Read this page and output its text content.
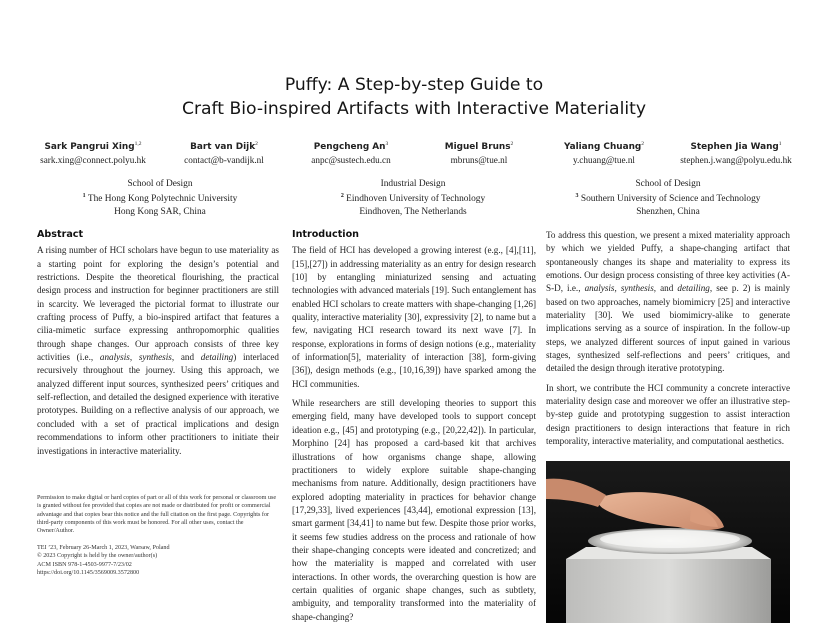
Puffy: A Step-by-step Guide to
Craft Bio-inspired Artifacts with Interactive Materiality
Sark Pangrui Xing$^{1,2}$
sark.xing@connect.polyu.hk
Bart van Dijk$^2$
contact@b-vandijk.nl
Pengcheng An$^3$
anpc@sustech.edu.cn
Miguel Bruns$^2$
mbruns@tue.nl
Yaliang Chuang$^2$
y.chuang@tue.nl
Stephen Jia Wang$^1$
stephen.j.wang@polyu.edu.hk
School of Design
$^1$ The Hong Kong Polytechnic University
Hong Kong SAR, China
Industrial Design
$^2$ Eindhoven University of Technology
Eindhoven, The Netherlands
School of Design
$^3$ Southern University of Science and Technology
Shenzhen, China
Abstract

A rising number of HCI scholars have begun to use materiality as a starting point for exploring the design’s potential and restrictions. Despite the theoretical flourishing, the practical design process and instruction for beginner practitioners are still in scarcity. We leveraged the pictorial format to illustrate our crafting process of Puffy, a bio-inspired artifact that features a cilia-mimetic surface expressing anthropomorphic qualities through shape changes. Our approach consists of three key activities (i.e., analysis, synthesis, and detailing) interlaced recursively throughout the journey. Using this approach, we analyzed different input sources, synthesized peers’ critiques and self-reflection, and detailed the designed experience with iterative prototypes. Building on a reflective analysis of our approach, we concluded with a set of practical implications and design recommendations to inform other practitioners to initiate their investigations in interactive materiality.

Permission to make digital or hard copies of part or all of this work for personal or classroom use is granted without fee provided that copies are not made or distributed for profit or commercial advantage and that copies bear this notice and the full citation on the first page. Copyrights for third-party components of this work must be honored. For all other uses, contact the Owner/Author.
TEI ’23, February 26-March 1, 2023, Warsaw, Poland
© 2023 Copyright is held by the owner/author(s)
ACM ISBN 978-1-4503-9977-7/23/02
https://doi.org/10.1145/3569009.3572800
Introduction

The field of HCI has developed a growing interest (e.g., [4],[11],[15],[27]) in addressing materiality as an entry for design research [10] by entangling miniaturized sensing and actuating technologies with advanced materials [19]. Such entanglement has enabled HCI scholars to create matters with shape-changing [1,26] quality, interactive materiality [30], expressivity [2], to name but a few, navigating HCI research toward its next wave [7]. In response, explorations in forms of design notions (e.g., materiality of information[5], materiality of interaction [38], form-giving [36]), design methods (e.g., [10,16,39]) have sparked among the HCI communities.

While researchers are still developing theories to support this emerging field, many have developed tools to support concept ideation e.g., [45] and prototyping (e.g., [20,22,42]). In particular, Morphino [24] has proposed a card-based kit that archives illustrations of how organisms change shape, allowing practitioners to widely explore suitable shape-changing mechanisms from nature. Additionally, design practitioners have explored adopting materiality in practices for behavior change [17,29,33], lived experiences [43,44], emotional expression [13], smart garment [34,41] to name but few. Despite those prior works, it seems few studies address on the process and rationale of how their shape-changing concepts were ideated and concretized; and how the materiality is mapped and correlated with user interactions. In other words, the overarching question is how are certain qualities of organic shape changes, such as subtlety, ambiguity, and temporality transformed into the materiality of shape-changing?

To address this question, we present a mixed materiality approach by which we yielded Puffy, a shape-changing artifact that spontaneously changes its shape and materiality to express its emotions. Our design process consisting of three key activities (A-S-D, i.e., analysis, synthesis, and detailing, see p. 2) is mainly based on two approaches, namely biomimicry [25] and interactive materiality [30]. We used biomimicry-alike to generate implications serving as a source of inspiration. In the follow-up steps, we analyzed different sources of input gained in various stages, synthesized self-reflections and peers’ critiques, and detailed the design through iterative prototyping.

In short, we contribute the HCI community a concrete interactive materiality design case and moreover we offer an illustrative step-by-step guide and prototyping suggestion to assist interaction design practitioners to design interactions that feature in rich temporality, interactive materiality, and computational aesthetics.
